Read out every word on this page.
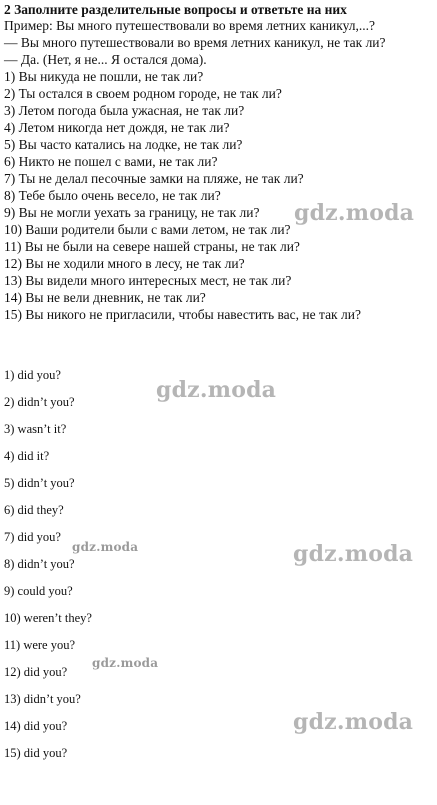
2 Заполните разделительные вопросы и ответьте на них
Пример: Вы много путешествовали во время летних каникул,...?
— Вы много путешествовали во время летних каникул, не так ли?
— Да. (Нет, я не... Я остался дома).
1) Вы никуда не пошли, не так ли?
2) Ты остался в своем родном городе, не так ли?
3) Летом погода была ужасная, не так ли?
4) Летом никогда нет дождя, не так ли?
5) Вы часто катались на лодке, не так ли?
6) Никто не пошел с вами, не так ли?
7) Ты не делал песочные замки на пляже, не так ли?
8) Тебе было очень весело, не так ли?
9) Вы не могли уехать за границу, не так ли?
10) Ваши родители были с вами летом, не так ли?
11) Вы не были на севере нашей страны, не так ли?
12) Вы не ходили много в лесу, не так ли?
13) Вы видели много интересных мест, не так ли?
14) Вы не вели дневник, не так ли?
15) Вы никого не пригласили, чтобы навестить вас, не так ли?
1) did you?
2) didn’t you?
3) wasn’t it?
4) did it?
5) didn’t you?
6) did they?
7) did you?
8) didn’t you?
9) could you?
10) weren’t they?
11) were you?
12) did you?
13) didn’t you?
14) did you?
15) did you?
gdz.moda
gdz.moda
gdz.moda	gdz.moda
gdz.moda
gdz.moda
